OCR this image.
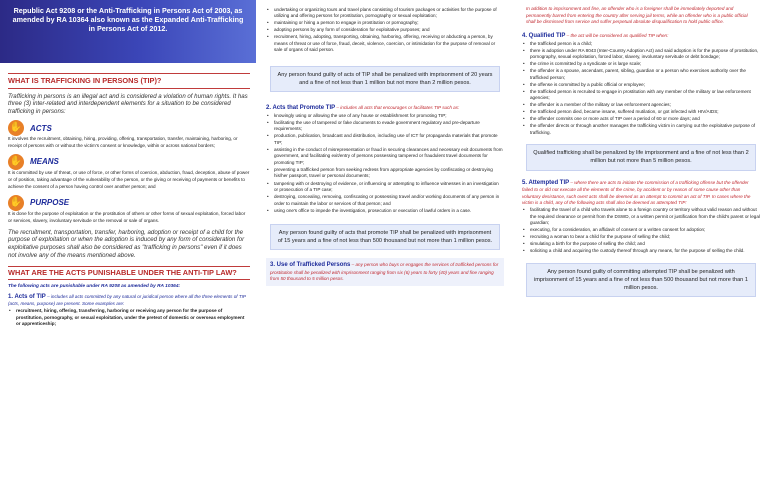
Republic Act 9208 or the Anti-Trafficking in Persons Act of 2003, as amended by RA 10364 also known as the Expanded Anti-Trafficking in Persons Act of 2012.
WHAT IS TRAFFICKING IN PERSONS (TIP)?
Trafficking in persons is an illegal act and is considered a violation of human rights. It has three (3) inter-related and interdependent elements for a situation to be considered trafficking in persons:
✋ ACTS
It involves the recruitment, obtaining, hiring, providing, offering, transportation, transfer, maintaining, harboring, or receipt of persons with or without the victim's consent or knowledge, within or across national borders;
✋ MEANS
It is committed by use of threat, or use of force, or other forms of coercion, abduction, fraud, deception, abuse of power or of position, taking advantage of the vulnerability of the person, or the giving or receiving of payments or benefits to achieve the consent of a person having control over another person; and
✋ PURPOSE
It is done for the purpose of exploitation or the prostitution of others or other forms of sexual exploitation, forced labor or services, slavery, involuntary servitude or the removal or sale of organs.
The recruitment, transportation, transfer, harboring, adoption or receipt of a child for the purpose of exploitation or when the adoption is induced by any form of consideration for exploitative purposes shall also be considered as "trafficking in persons" even if it does not involve any of the means mentioned above.
WHAT ARE THE ACTS PUNISHABLE UNDER THE ANTI-TIP LAW?
The following acts are punishable under RA 9208 as amended by RA 10364:
1. Acts of TIP – includes all acts committed by any natural or juridical person where all the three elements of TIP (acts, means, purpose) are present. Some examples are:
• recruitment, hiring, offering, transferring, harboring or receiving any person for the purpose of prostitution, pornography, or sexual exploitation, under the pretext of domestic or overseas employment or apprenticeship;
• undertaking or organizing tours and travel plans consisting of tourism packages or activities for the purpose of utilizing and offering persons for prostitution, pornography or sexual exploitation;
• maintaining or hiring a person to engage in prostitution or pornography;
• adopting persons by any form of consideration for exploitative purposes; and
• recruitment, hiring, adopting, transporting, obtaining, harboring, offering, receiving or abducting a person, by means of threat or use of force, fraud, deceit, violence, coercion, or intimidation for the purpose of removal or sale of organs of said person.
Any person found guilty of acts of TIP shall be penalized with imprisonment of 20 years and a fine of not less than 1 million but not more than 2 million pesos.
2. Acts that Promote TIP – includes all acts that encourages or facilitates TIP such as:
• knowingly using or allowing the use of any house or establishment for promoting TIP;
• facilitating the use of tampered or fake documents to evade government regulatory and pre-departure requirements;
• production, publication, broadcast and distribution, including use of ICT for propaganda materials that promote TIP;
• assisting in the conduct of misrepresentation or fraud in securing clearances and necessary exit documents from government, and facilitating exit/entry of persons possessing tampered or fraudulent travel documents for promoting TIP;
• preventing a trafficked person from seeking redress from appropriate agencies by confiscating or destroying his/her passport, travel or personal documents;
• tampering with or destroying of evidence, or influencing or attempting to influence witnesses in an investigation or prosecution of a TIP case;
• destroying, concealing, removing, confiscating or possessing travel and/or working documents of any person in order to maintain the labor or services of that person; and
• using one's office to impede the investigation, prosecution or execution of lawful orders in a case.
Any person found guilty of acts that promote TIP shall be penalized with imprisonment of 15 years and a fine of not less than 500 thousand but not more than 1 million pesos.
3. Use of Trafficked Persons – any person who buys or engages the services of trafficked persons for prostitution shall be penalized with imprisonment ranging from six (6) years to forty (40) years and fine ranging from 50 thousand to 5 million pesos.
In addition to imprisonment and fine, an offender who is a foreigner shall be immediately deported and permanently barred from entering the country after serving jail terms, while an offender who is a public official shall be dismissed from service and suffer perpetual absolute disqualification to hold public office.
4. Qualified TIP – the act will be considered as qualified TIP when:
• the trafficked person is a child;
• there is adoption under RA 8043 (Inter-Country Adoption Act) and said adoption is for the purpose of prostitution, pornography, sexual exploitation, forced labor, slavery, involuntary servitude or debt bondage;
• the crime is committed by a syndicate or is large scale;
• the offender is a spouse, ascendant, parent, sibling, guardian or a person who exercises authority over the trafficked person;
• the offense is committed by a public official or employee;
• the trafficked person is recruited to engage in prostitution with any member of the military or law enforcement agencies;
• the offender is a member of the military or law enforcement agencies;
• the trafficked person died, became insane, suffered mutilation, or got infected with HIV/AIDS;
• the offender commits one or more acts of TIP over a period of 60 or more days; and
• the offender directs or through another manages the trafficking victim in carrying out the exploitative purpose of trafficking.
Qualified trafficking shall be penalized by life imprisonment and a fine of not less than 2 million but not more than 5 million pesos.
5. Attempted TIP – where there are acts to initiate the commission of a trafficking offense but the offender failed to or did not execute all the elements of the crime, by accident or by reason of some cause other than voluntary desistance, such overt acts shall be deemed as an attempt to commit an act of TIP. In cases where the victim is a child, any of the following acts shall also be deemed as attempted TIP:
• facilitating the travel of a child who travels alone to a foreign country or territory without valid reason and without the required clearance or permit from the DSWD, or a written permit or justification from the child's parent or legal guardian;
• executing, for a consideration, an affidavit of consent or a written consent for adoption;
• recruiting a woman to bear a child for the purpose of selling the child;
• simulating a birth for the purpose of selling the child; and
• soliciting a child and acquiring the custody thereof through any means, for the purpose of selling the child.
Any person found guilty of committing attempted TIP shall be penalized with imprisonment of 15 years and a fine of not less than 500 thousand but not more than 1 million pesos.
